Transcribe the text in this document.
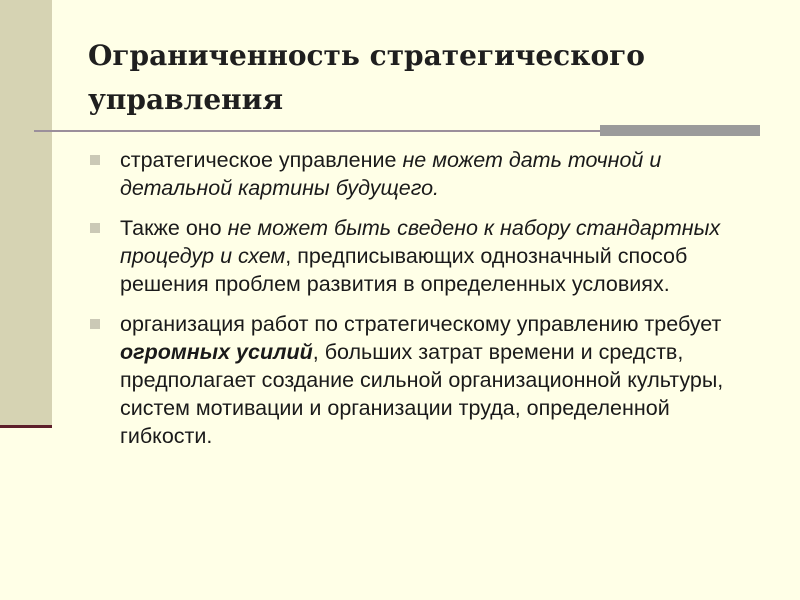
Ограниченность стратегического управления
стратегическое управление не может дать точной и детальной картины будущего.
Также оно не может быть сведено к набору стандартных процедур и схем, предписывающих однозначный способ решения проблем развития в определенных условиях.
организация работ по стратегическому управлению требует огромных усилий, больших затрат времени и средств, предполагает создание сильной организационной культуры, систем мотивации и организации труда, определенной гибкости.
